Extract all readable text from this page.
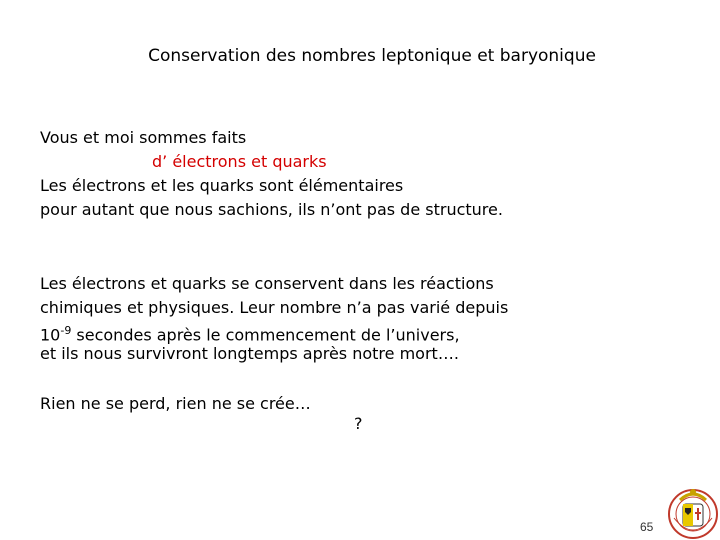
Conservation des nombres leptonique et baryonique
Vous et moi sommes faits
d’ électrons et quarks
Les électrons et les quarks sont élémentaires
pour autant que nous sachions, ils n’ont pas de structure.
Les électrons et quarks se conservent dans les réactions
chimiques et physiques. Leur nombre n’a pas varié depuis
$10^{-9}$ secondes après le commencement de l’univers,
et ils nous survivront longtemps après notre mort….
Rien ne se perd, rien ne se crée…
?
65
